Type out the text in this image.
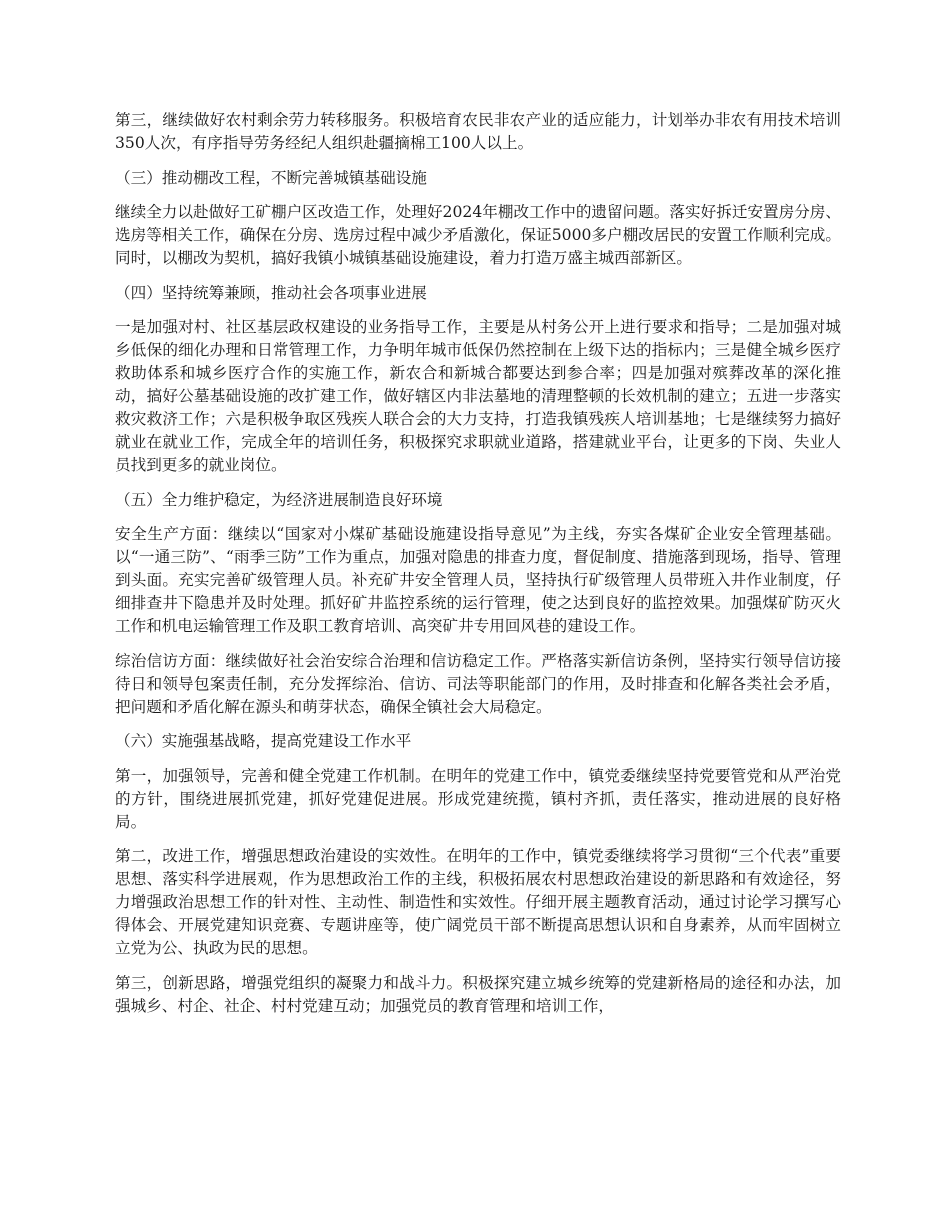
第三，继续做好农村剩余劳力转移服务。积极培育农民非农产业的适应能力，计划举办非农有用技术培训350人次，有序指导劳务经纪人组织赴疆摘棉工100人以上。

（三）推动棚改工程，不断完善城镇基础设施

继续全力以赴做好工矿棚户区改造工作，处理好2024年棚改工作中的遗留问题。落实好拆迁安置房分房、选房等相关工作，确保在分房、选房过程中减少矛盾激化，保证5000多户棚改居民的安置工作顺利完成。同时，以棚改为契机，搞好我镇小城镇基础设施建设，着力打造万盛主城西部新区。

（四）坚持统筹兼顾，推动社会各项事业进展

一是加强对村、社区基层政权建设的业务指导工作，主要是从村务公开上进行要求和指导；二是加强对城乡低保的细化办理和日常管理工作，力争明年城市低保仍然控制在上级下达的指标内；三是健全城乡医疗救助体系和城乡医疗合作的实施工作，新农合和新城合都要达到参合率；四是加强对殡葬改革的深化推动，搞好公墓基础设施的改扩建工作，做好辖区内非法墓地的清理整顿的长效机制的建立；五进一步落实救灾救济工作；六是积极争取区残疾人联合会的大力支持，打造我镇残疾人培训基地；七是继续努力搞好就业在就业工作，完成全年的培训任务，积极探究求职就业道路，搭建就业平台，让更多的下岗、失业人员找到更多的就业岗位。

（五）全力维护稳定，为经济进展制造良好环境

安全生产方面：继续以“国家对小煤矿基础设施建设指导意见”为主线，夯实各煤矿企业安全管理基础。以“一通三防”、“雨季三防”工作为重点，加强对隐患的排查力度，督促制度、措施落到现场，指导、管理到头面。充实完善矿级管理人员。补充矿井安全管理人员，坚持执行矿级管理人员带班入井作业制度，仔细排查井下隐患并及时处理。抓好矿井监控系统的运行管理，使之达到良好的监控效果。加强煤矿防灭火工作和机电运输管理工作及职工教育培训、高突矿井专用回风巷的建设工作。

综治信访方面：继续做好社会治安综合治理和信访稳定工作。严格落实新信访条例，坚持实行领导信访接待日和领导包案责任制，充分发挥综治、信访、司法等职能部门的作用，及时排查和化解各类社会矛盾，把问题和矛盾化解在源头和萌芽状态，确保全镇社会大局稳定。

（六）实施强基战略，提高党建设工作水平

第一，加强领导，完善和健全党建工作机制。在明年的党建工作中，镇党委继续坚持党要管党和从严治党的方针，围绕进展抓党建，抓好党建促进展。形成党建统揽，镇村齐抓，责任落实，推动进展的良好格局。

第二，改进工作，增强思想政治建设的实效性。在明年的工作中，镇党委继续将学习贯彻“三个代表”重要思想、落实科学进展观，作为思想政治工作的主线，积极拓展农村思想政治建设的新思路和有效途径，努力增强政治思想工作的针对性、主动性、制造性和实效性。仔细开展主题教育活动，通过讨论学习撰写心得体会、开展党建知识竞赛、专题讲座等，使广阔党员干部不断提高思想认识和自身素养，从而牢固树立立党为公、执政为民的思想。

第三，创新思路，增强党组织的凝聚力和战斗力。积极探究建立城乡统筹的党建新格局的途径和办法，加强城乡、村企、社企、村村党建互动；加强党员的教育管理和培训工作，
